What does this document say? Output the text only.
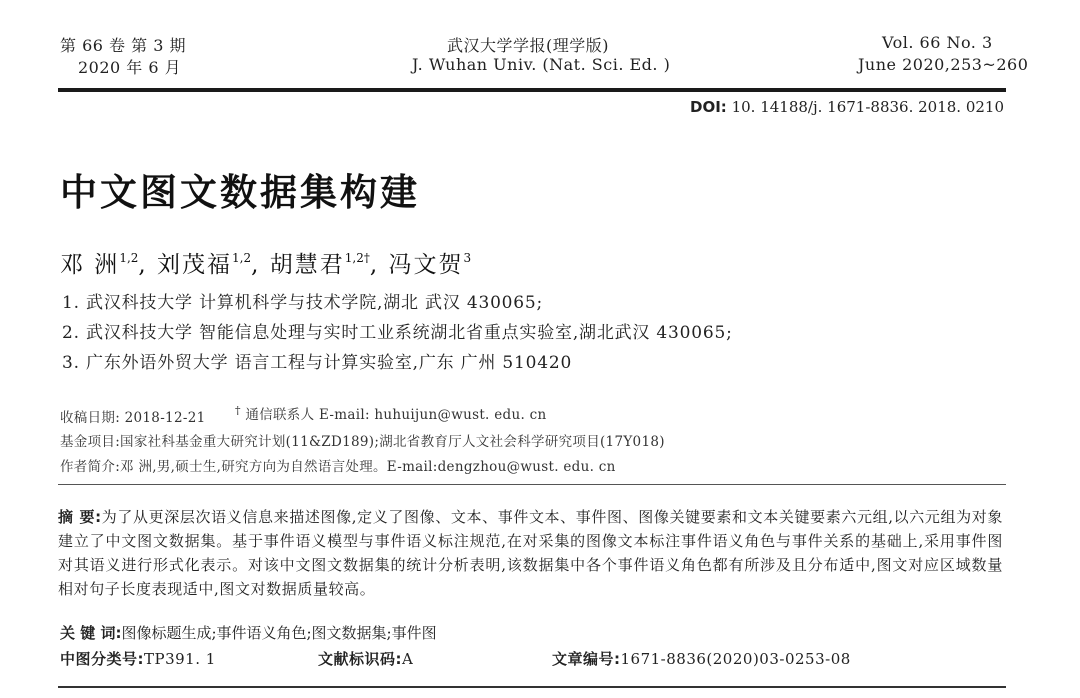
第 66 卷 第 3 期
2020 年 6 月
武汉大学学报(理学版)
J. Wuhan Univ. (Nat. Sci. Ed. )
Vol. 66 No. 3
June 2020,253~260
DOI: 10. 14188/j. 1671-8836. 2018. 0210
中文图文数据集构建
邓 洲$^{1,2}$, 刘茂福$^{1,2}$, 胡慧君$^{1,2\dagger}$, 冯文贺$^3$
1. 武汉科技大学 计算机科学与技术学院,湖北 武汉 430065;
2. 武汉科技大学 智能信息处理与实时工业系统湖北省重点实验室,湖北武汉 430065;
3. 广东外语外贸大学 语言工程与计算实验室,广东 广州 510420
收稿日期: 2018-12-21	† 通信联系人 E-mail: huhuijun@wust. edu. cn
基金项目:国家社科基金重大研究计划(11&ZD189);湖北省教育厅人文社会科学研究项目(17Y018)
作者简介:邓 洲,男,硕士生,研究方向为自然语言处理。E-mail:dengzhou@wust. edu. cn
摘 要:为了从更深层次语义信息来描述图像,定义了图像、文本、事件文本、事件图、图像关键要素和文本关键要素六元组,以六元组为对象建立了中文图文数据集。基于事件语义模型与事件语义标注规范,在对采集的图像文本标注事件语义角色与事件关系的基础上,采用事件图对其语义进行形式化表示。对该中文图文数据集的统计分析表明,该数据集中各个事件语义角色都有所涉及且分布适中,图文对应区域数量相对句子长度表现适中,图文对数据质量较高。
关 键 词:图像标题生成;事件语义角色;图文数据集;事件图
中图分类号:TP391. 1	文献标识码:A	文章编号:1671-8836(2020)03-0253-08
